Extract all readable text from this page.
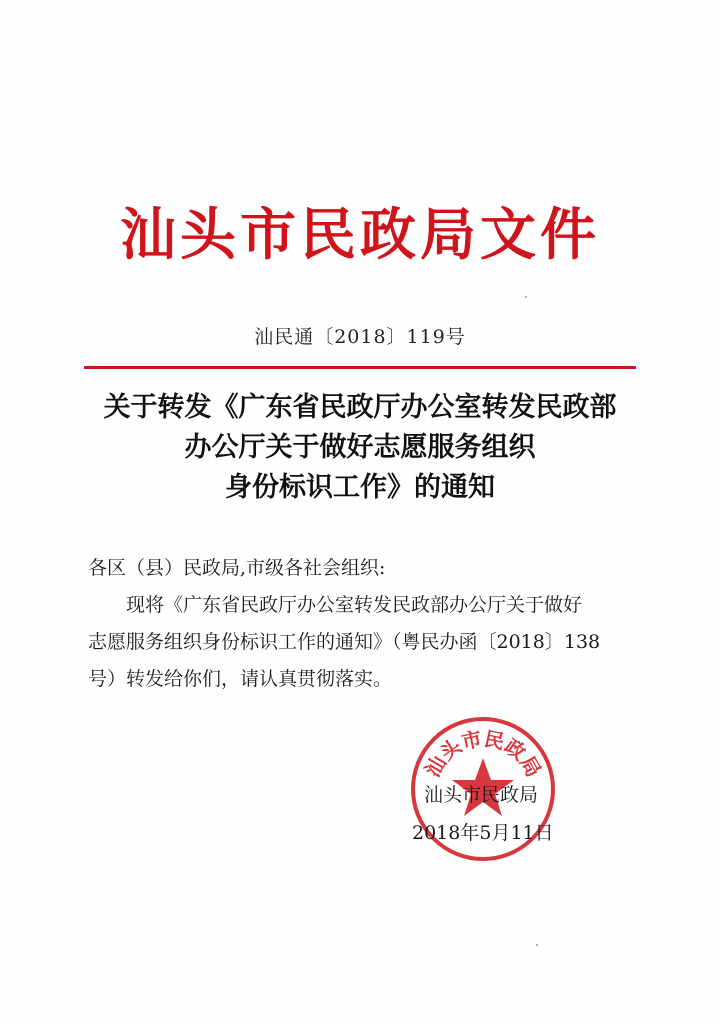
汕头市民政局文件
汕民通〔2018〕119号
关于转发《广东省民政厅办公室转发民政部
办公厅关于做好志愿服务组织
身份标识工作》的通知
各区（县）民政局,市级各社会组织:
现将《广东省民政厅办公室转发民政部办公厅关于做好
志愿服务组织身份标识工作的通知》（粤民办函〔2018〕138
号）转发给你们，请认真贯彻落实。
汕头市民政局
汕头市民政局
2018年5月11日
